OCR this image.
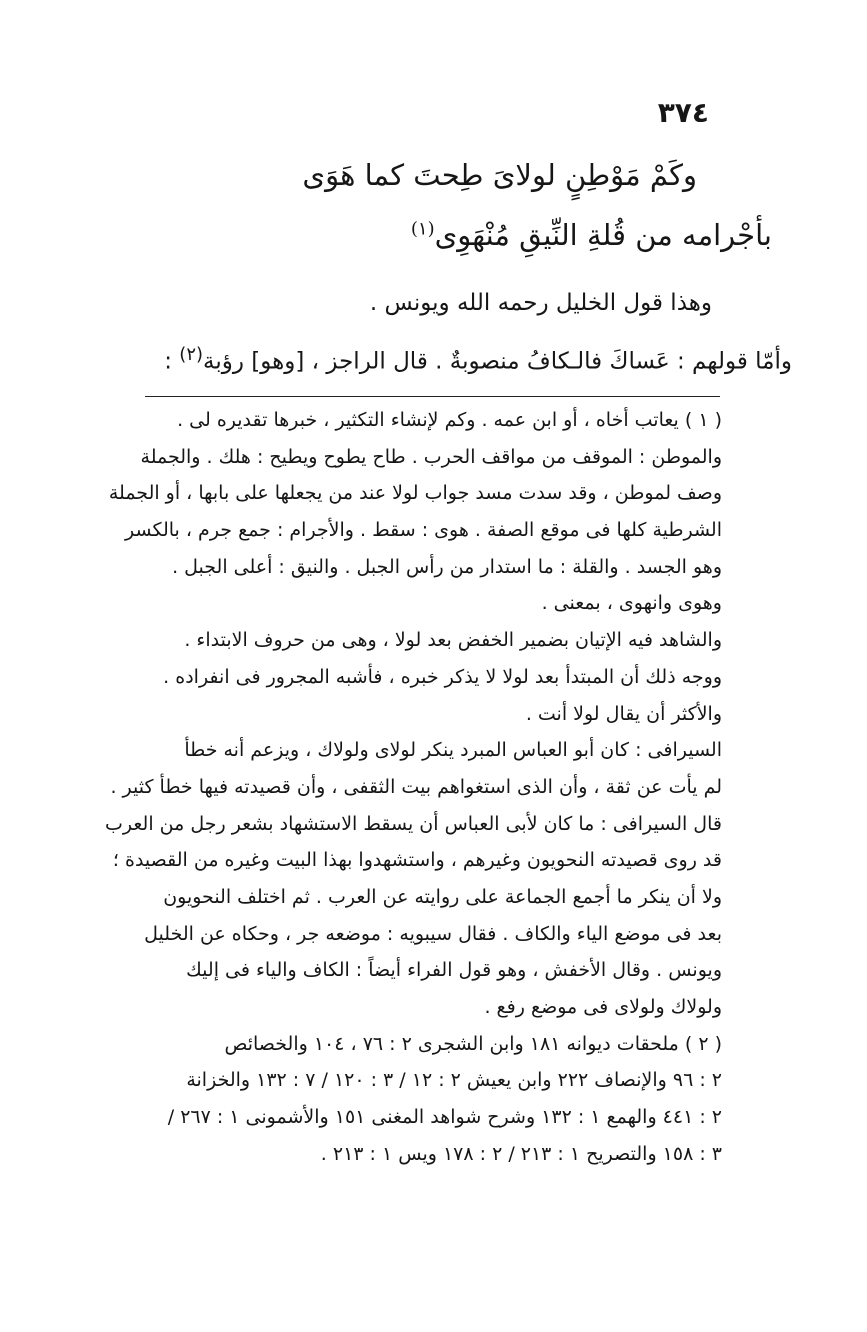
٣٧٤
وكَمْ مَوْطِنٍ لولاىَ طِحتَ كما هَوَى
بأجْرامه من قُلةِ النِّيقِ مُنْهَوِى$^{(١)}$
وهذا قول الخليل رحمه الله ويونس .
وأمّا قولهم : عَساكَ فالـكافُ منصوبةٌ . قال الراجز ، [وهو] رؤبة$^{(٢)}$ :
( ١ ) يعاتب أخاه ، أو ابن عمه . وكم لإنشاء التكثير ، خبرها تقديره لى .
والموطن : الموقف من مواقف الحرب . طاح يطوح ويطيح : هلك . والجملة
وصف لموطن ، وقد سدت مسد جواب لولا عند من يجعلها على بابها ، أو الجملة
الشرطية كلها فى موقع الصفة . هوى : سقط . والأجرام : جمع جرم ، بالكسر
وهو الجسد . والقلة : ما استدار من رأس الجبل . والنيق : أعلى الجبل .
وهوى وانهوى ، بمعنى .
والشاهد فيه الإتيان بضمير الخفض بعد لولا ، وهى من حروف الابتداء .
ووجه ذلك أن المبتدأ بعد لولا لا يذكر خبره ، فأشبه المجرور فى انفراده .
والأكثر أن يقال لولا أنت .
السيرافى : كان أبو العباس المبرد ينكر لولاى ولولاك ، ويزعم أنه خطأ
لم يأت عن ثقة ، وأن الذى استغواهم بيت الثقفى ، وأن قصيدته فيها خطأ كثير .
قال السيرافى : ما كان لأبى العباس أن يسقط الاستشهاد بشعر رجل من العرب
قد روى قصيدته النحويون وغيرهم ، واستشهدوا بهذا البيت وغيره من القصيدة ؛
ولا أن ينكر ما أجمع الجماعة على روايته عن العرب . ثم اختلف النحويون
بعد فى موضع الياء والكاف . فقال سيبويه : موضعه جر ، وحكاه عن الخليل
ويونس . وقال الأخفش ، وهو قول الفراء أيضاً : الكاف والياء فى إليك
ولولاك ولولاى فى موضع رفع .
( ٢ ) ملحقات ديوانه ١٨١ وابن الشجرى ٢ : ٧٦ ، ١٠٤ والخصائص
٢ : ٩٦ والإنصاف ٢٢٢ وابن يعيش ٢ : ١٢ / ٣ : ١٢٠ / ٧ : ١٣٢ والخزانة
٢ : ٤٤١ والهمع ١ : ١٣٢ وشرح شواهد المغنى ١٥١ والأشمونى ١ : ٢٦٧ /
٣ : ١٥٨ والتصريح ١ : ٢١٣ / ٢ : ١٧٨ ويس ١ : ٢١٣ .
